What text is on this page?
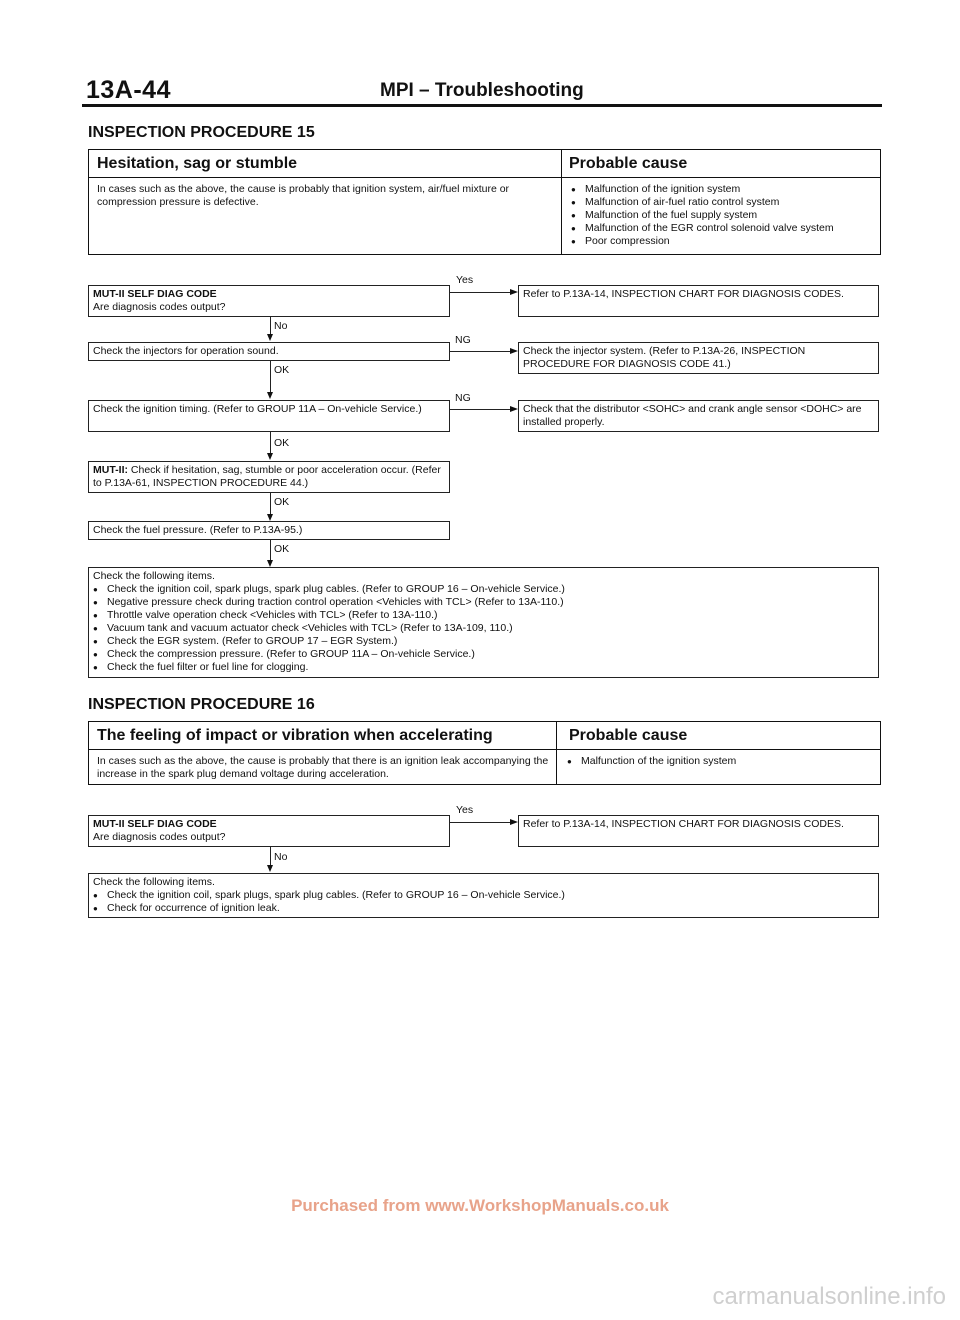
13A-44	MPI – Troubleshooting
INSPECTION PROCEDURE 15
Hesitation, sag or stumble	Probable cause
In cases such as the above, the cause is probably that ignition system, air/fuel mixture or compression pressure is defective.
● Malfunction of the ignition system
● Malfunction of air-fuel ratio control system
● Malfunction of the fuel supply system
● Malfunction of the EGR control solenoid valve system
● Poor compression
MUT-II SELF DIAG CODE
Are diagnosis codes output?
Yes
Refer to P.13A-14, INSPECTION CHART FOR DIAGNOSIS CODES.
No
Check the injectors for operation sound.
NG
Check the injector system. (Refer to P.13A-26, INSPECTION PROCEDURE FOR DIAGNOSIS CODE 41.)
OK
Check the ignition timing. (Refer to GROUP 11A – On-vehicle Service.)
NG
Check that the distributor <SOHC> and crank angle sensor <DOHC> are installed properly.
OK
MUT-II: Check if hesitation, sag, stumble or poor acceleration occur. (Refer to P.13A-61, INSPECTION PROCEDURE 44.)
OK
Check the fuel pressure. (Refer to P.13A-95.)
OK
Check the following items.
● Check the ignition coil, spark plugs, spark plug cables. (Refer to GROUP 16 – On-vehicle Service.)
● Negative pressure check during traction control operation <Vehicles with TCL> (Refer to 13A-110.)
● Throttle valve operation check <Vehicles with TCL> (Refer to 13A-110.)
● Vacuum tank and vacuum actuator check <Vehicles with TCL> (Refer to 13A-109, 110.)
● Check the EGR system. (Refer to GROUP 17 – EGR System.)
● Check the compression pressure. (Refer to GROUP 11A – On-vehicle Service.)
● Check the fuel filter or fuel line for clogging.
INSPECTION PROCEDURE 16
The feeling of impact or vibration when accelerating	Probable cause
In cases such as the above, the cause is probably that there is an ignition leak accompanying the increase in the spark plug demand voltage during acceleration.
● Malfunction of the ignition system
MUT-II SELF DIAG CODE
Are diagnosis codes output?
Yes
Refer to P.13A-14, INSPECTION CHART FOR DIAGNOSIS CODES.
No
Check the following items.
● Check the ignition coil, spark plugs, spark plug cables. (Refer to GROUP 16 – On-vehicle Service.)
● Check for occurrence of ignition leak.
Purchased from www.WorkshopManuals.co.uk
carmanualsonline.info
